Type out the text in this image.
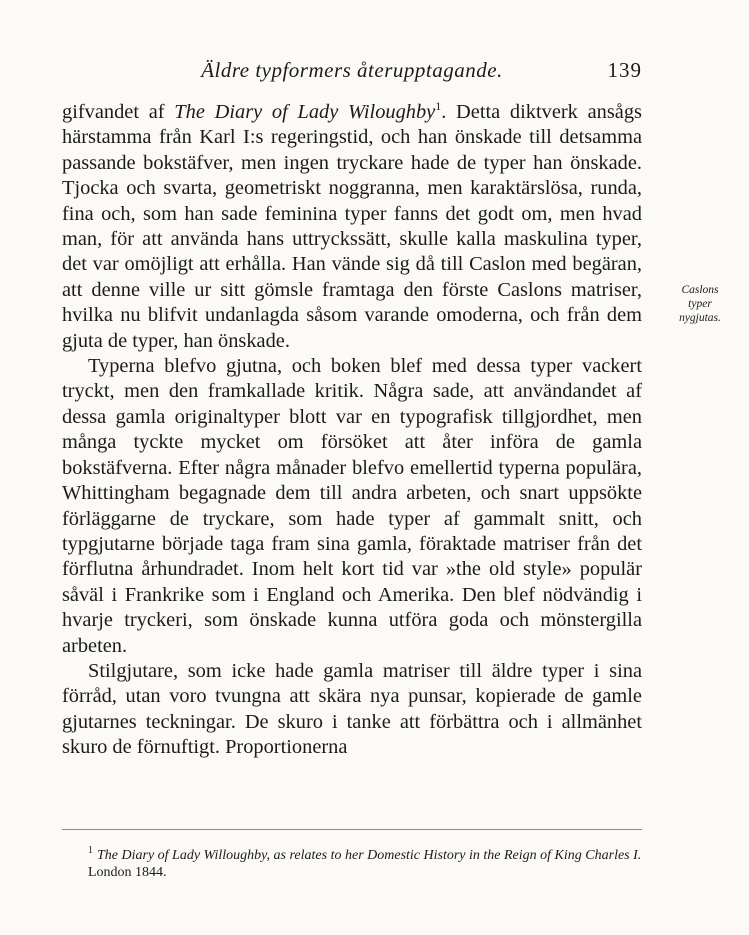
Äldre typformers återupptagande.	139

gifvandet af The Diary of Lady Wiloughby$^1$. Detta diktverk ansågs härstamma från Karl I:s regeringstid, och han önskade till detsamma passande bokstäfver, men ingen tryckare hade de typer han önskade. Tjocka och svarta, geometriskt noggranna, men karaktärslösa, runda, fina och, som han sade feminina typer fanns det godt om, men hvad man, för att använda hans uttryckssätt, skulle kalla maskulina typer, det var omöjligt att erhålla. Han vände sig då till Caslon med begäran, att denne ville ur sitt gömsle framtaga den förste Caslons matriser, hvilka nu blifvit undanlagda såsom varande omoderna, och från dem gjuta de typer, han önskade.

Typerna blefvo gjutna, och boken blef med dessa typer vackert tryckt, men den framkallade kritik. Några sade, att användandet af dessa gamla originaltyper blott var en typografisk tillgjordhet, men många tyckte mycket om försöket att åter införa de gamla bokstäfverna. Efter några månader blefvo emellertid typerna populära, Whittingham begagnade dem till andra arbeten, och snart uppsökte förläggarne de tryckare, som hade typer af gammalt snitt, och typgjutarne började taga fram sina gamla, föraktade matriser från det förflutna århundradet. Inom helt kort tid var »the old style» populär såväl i Frankrike som i England och Amerika. Den blef nödvändig i hvarje tryckeri, som önskade kunna utföra goda och mönstergilla arbeten.

Stilgjutare, som icke hade gamla matriser till äldre typer i sina förråd, utan voro tvungna att skära nya punsar, kopierade de gamle gjutarnes teckningar. De skuro i tanke att förbättra och i allmänhet skuro de förnuftigt. Proportionerna

Caslons
typer
nygjutas.
$^1$ The Diary of Lady Willoughby, as relates to her Domestic History in the Reign of King Charles I. London 1844.
